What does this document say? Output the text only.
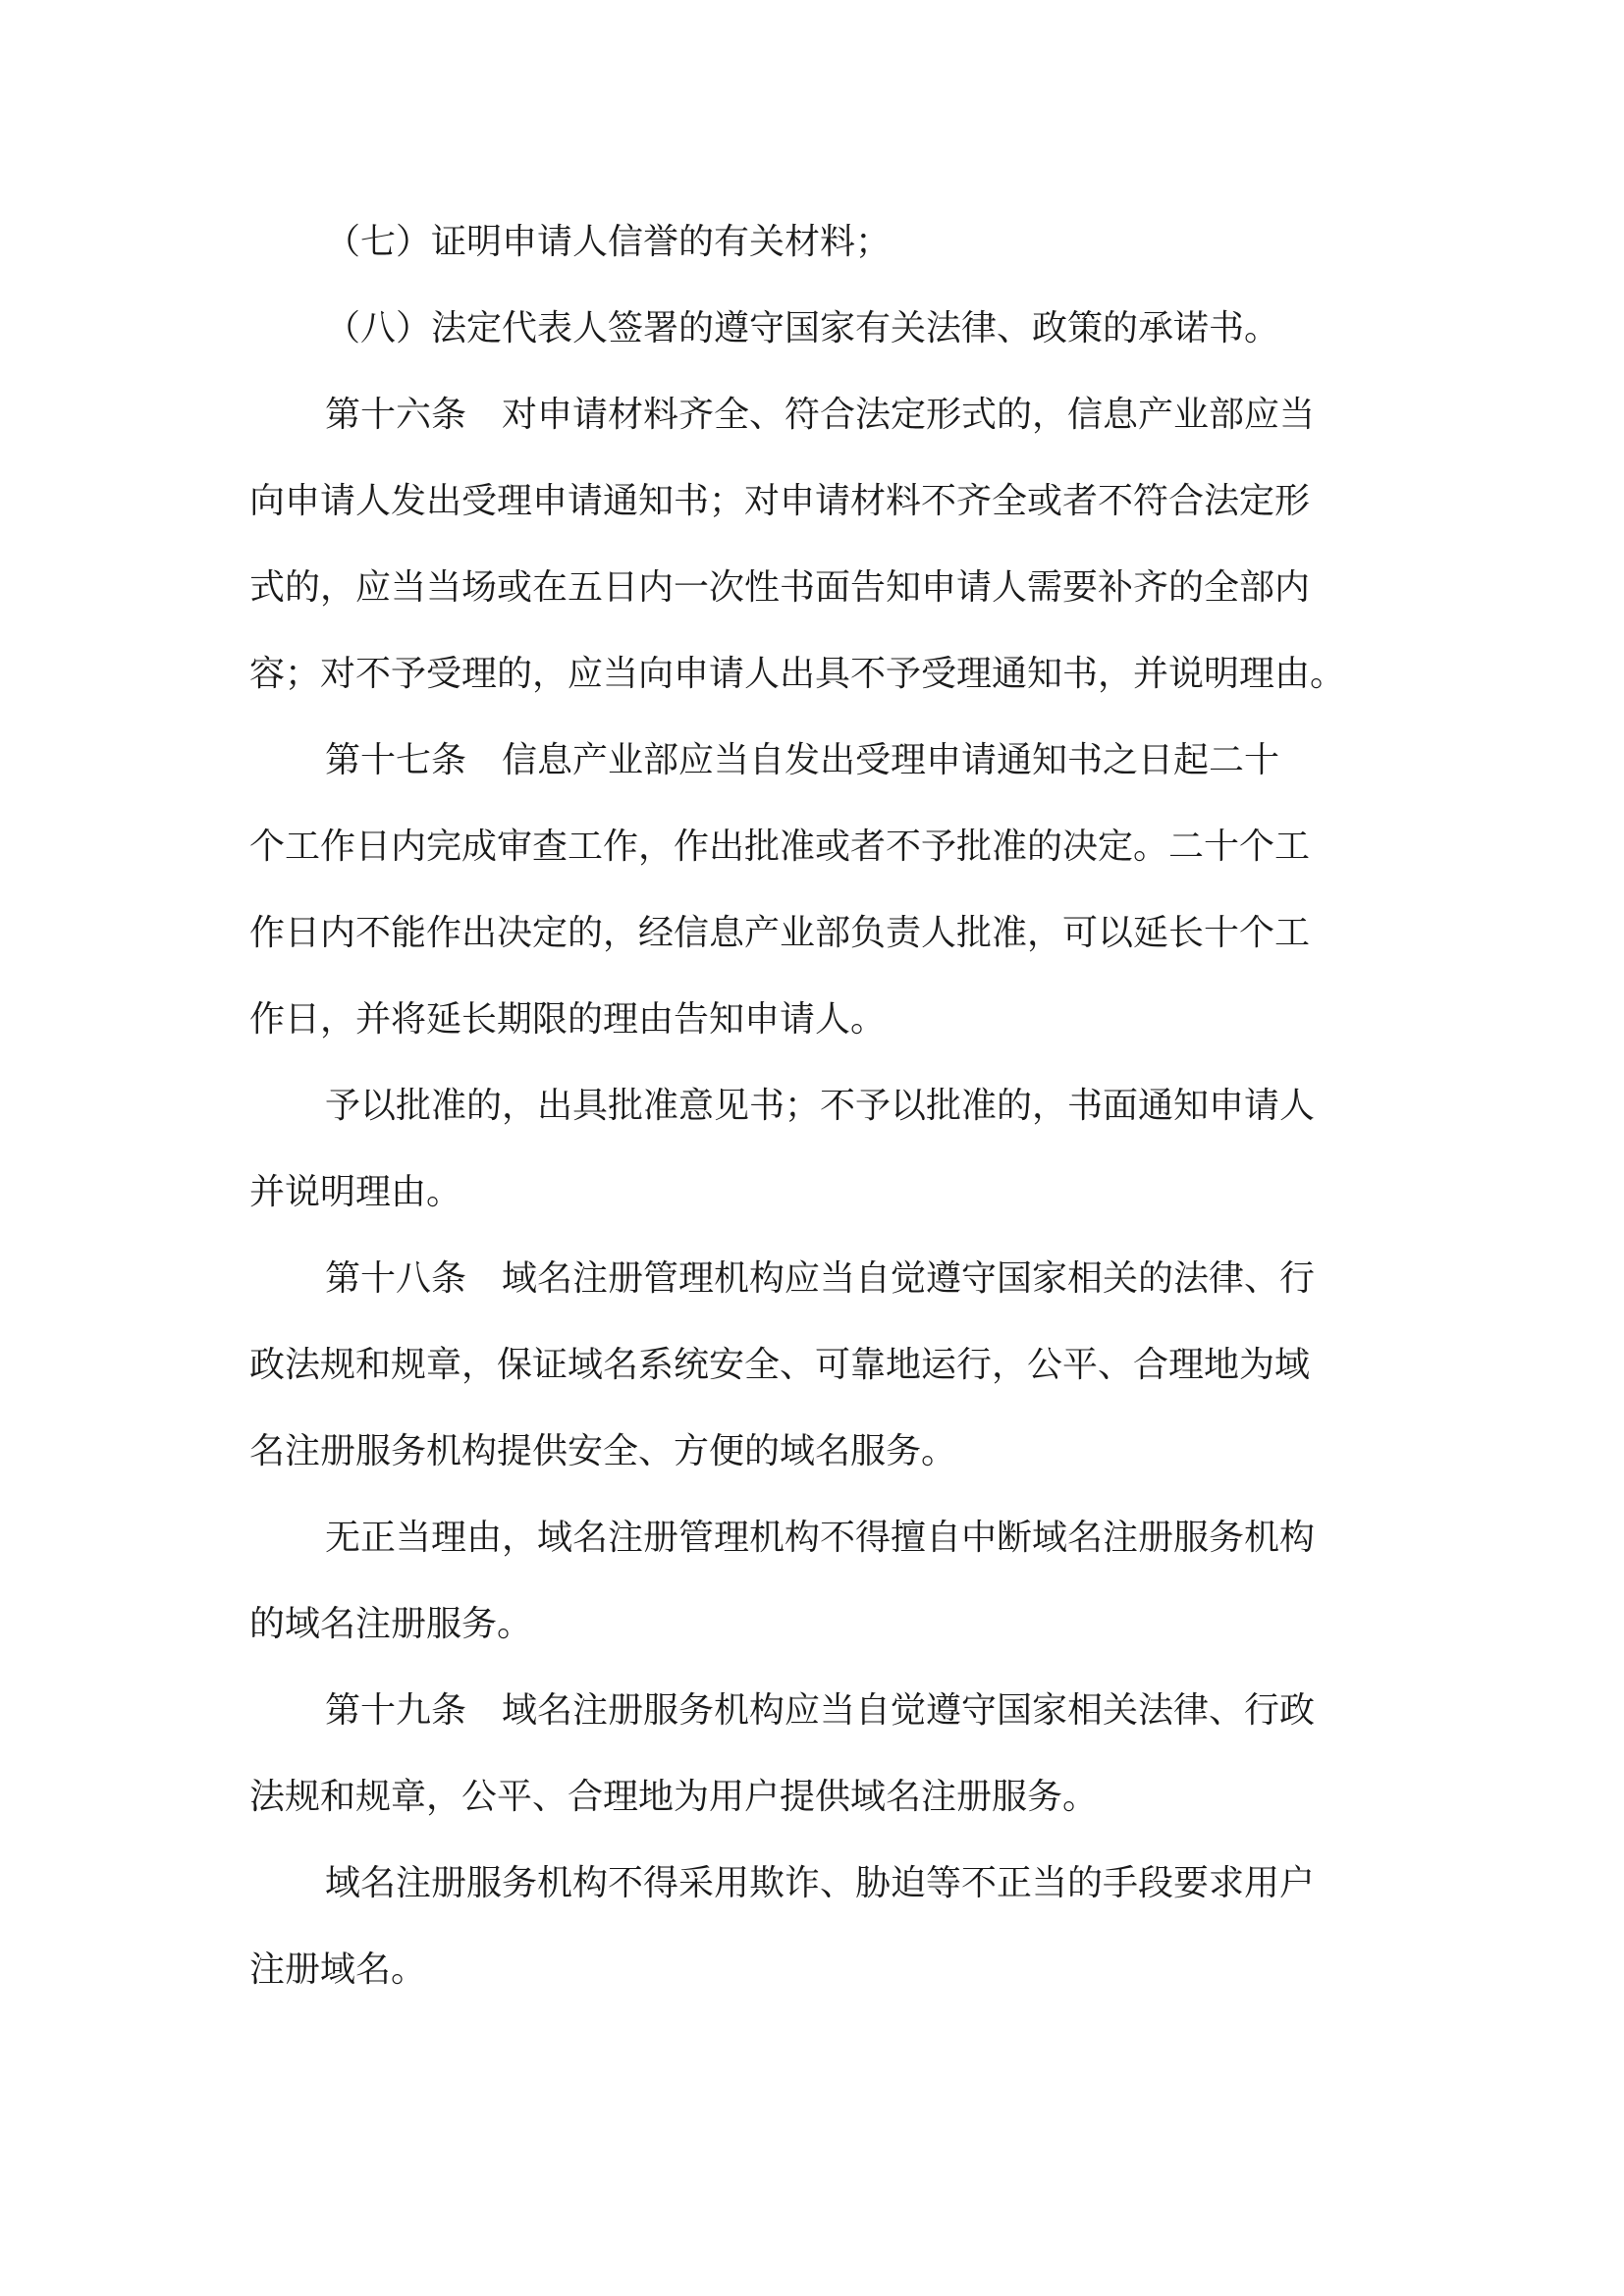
（七）证明申请人信誉的有关材料；
（八）法定代表人签署的遵守国家有关法律、政策的承诺书。
第十六条　对申请材料齐全、符合法定形式的，信息产业部应当
向申请人发出受理申请通知书；对申请材料不齐全或者不符合法定形
式的，应当当场或在五日内一次性书面告知申请人需要补齐的全部内
容；对不予受理的，应当向申请人出具不予受理通知书，并说明理由。
第十七条　信息产业部应当自发出受理申请通知书之日起二十
个工作日内完成审查工作，作出批准或者不予批准的决定。二十个工
作日内不能作出决定的，经信息产业部负责人批准，可以延长十个工
作日，并将延长期限的理由告知申请人。
予以批准的，出具批准意见书；不予以批准的，书面通知申请人
并说明理由。
第十八条　域名注册管理机构应当自觉遵守国家相关的法律、行
政法规和规章，保证域名系统安全、可靠地运行，公平、合理地为域
名注册服务机构提供安全、方便的域名服务。
无正当理由，域名注册管理机构不得擅自中断域名注册服务机构
的域名注册服务。
第十九条　域名注册服务机构应当自觉遵守国家相关法律、行政
法规和规章，公平、合理地为用户提供域名注册服务。
域名注册服务机构不得采用欺诈、胁迫等不正当的手段要求用户
注册域名。
